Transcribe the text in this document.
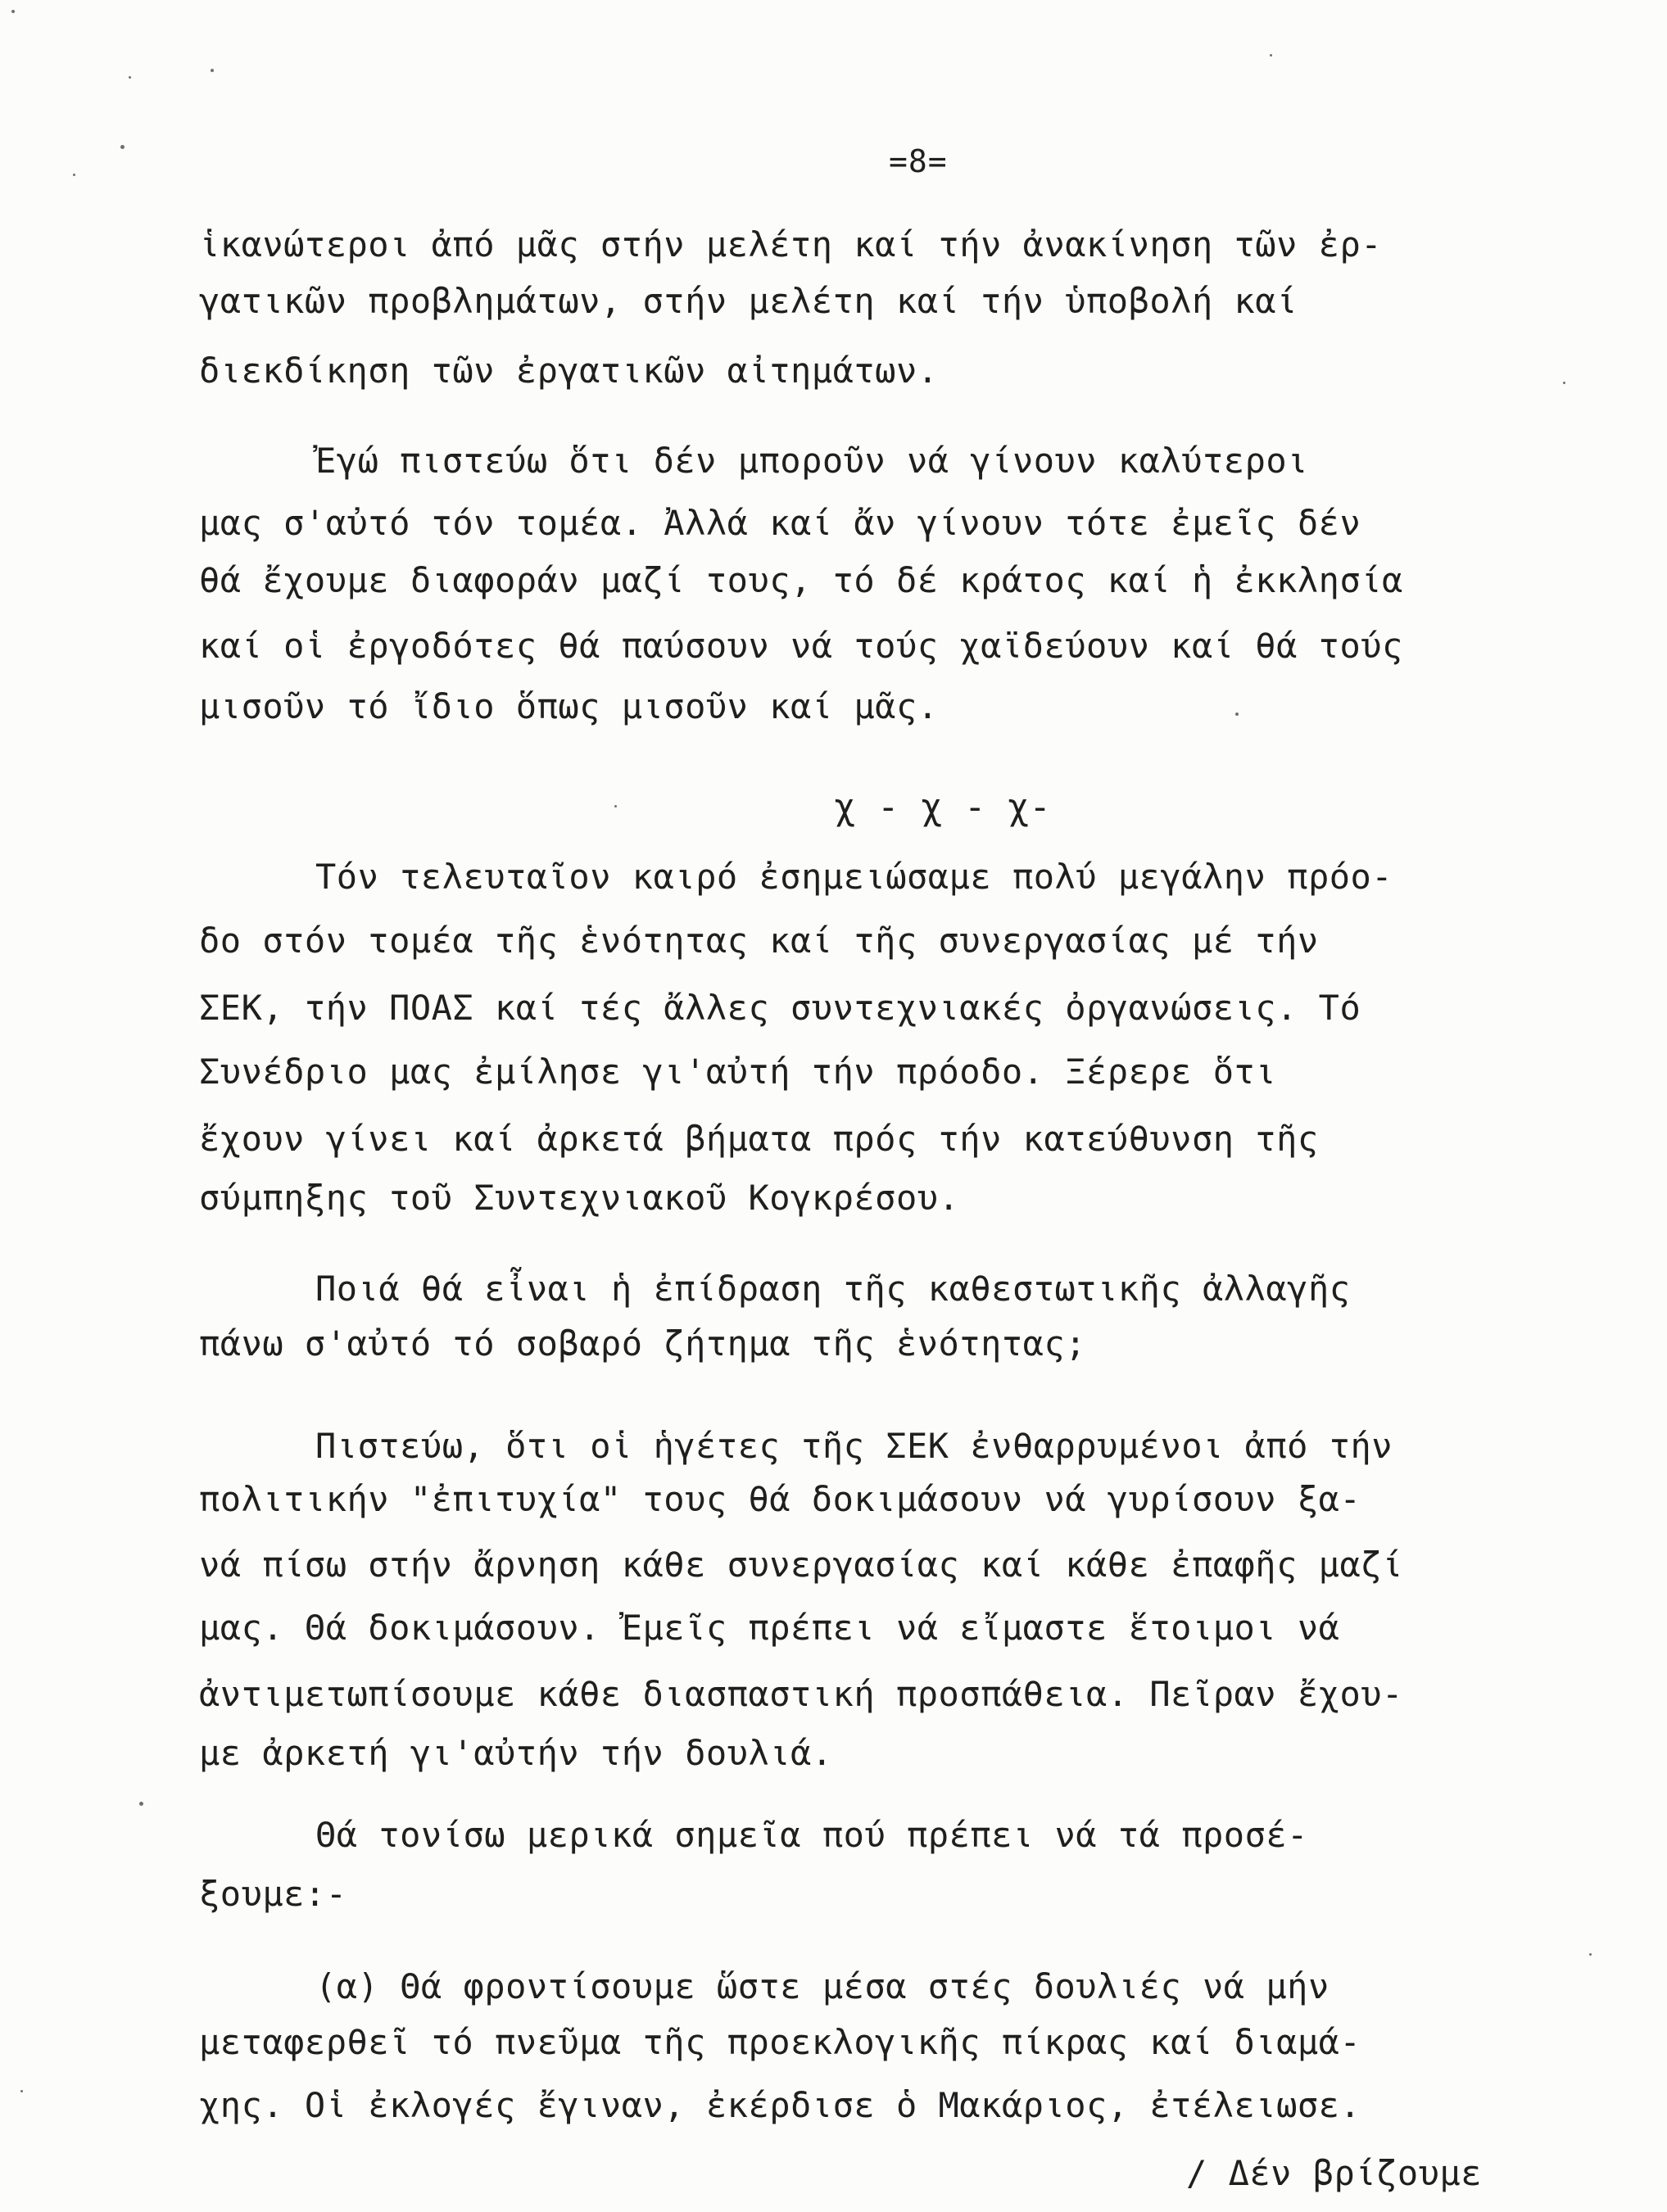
=8=
ἱκανώτεροι ἀπό μᾶς στήν μελέτη καί τήν ἀνακίνηση τῶν ἐρ-
γατικῶν προβλημάτων, στήν μελέτη καί τήν ὑποβολή καί
διεκδίκηση τῶν ἐργατικῶν αἰτημάτων.
Ἐγώ πιστεύω ὅτι δέν μποροῦν νά γίνουν καλύτεροι
μας σ'αὐτό τόν τομέα. Ἀλλά καί ἄν γίνουν τότε ἐμεῖς δέν
θά ἔχουμε διαφοράν μαζί τους, τό δέ κράτος καί ἡ ἐκκλησία
καί οἱ ἐργοδότες θά παύσουν νά τούς χαϊδεύουν καί θά τούς
μισοῦν τό ἴδιο ὅπως μισοῦν καί μᾶς.
χ - χ - χ-
Τόν τελευταῖον καιρό ἐσημειώσαμε πολύ μεγάλην πρόο-
δο στόν τομέα τῆς ἑνότητας καί τῆς συνεργασίας μέ τήν
ΣΕΚ, τήν ΠΟΑΣ καί τές ἄλλες συντεχνιακές ὀργανώσεις. Τό
Συνέδριο μας ἐμίλησε γι'αὐτή τήν πρόοδο. Ξέρερε ὅτι
ἔχουν γίνει καί ἀρκετά βήματα πρός τήν κατεύθυνση τῆς
σύμπηξης τοῦ Συντεχνιακοῦ Κογκρέσου.
Ποιά θά εἶναι ἡ ἐπίδραση τῆς καθεστωτικῆς ἀλλαγῆς
πάνω σ'αὐτό τό σοβαρό ζήτημα τῆς ἑνότητας;
Πιστεύω, ὅτι οἱ ἡγέτες τῆς ΣΕΚ ἐνθαρρυμένοι ἀπό τήν
πολιτικήν "ἐπιτυχία" τους θά δοκιμάσουν νά γυρίσουν ξα-
νά πίσω στήν ἄρνηση κάθε συνεργασίας καί κάθε ἐπαφῆς μαζί
μας. Θά δοκιμάσουν. Ἐμεῖς πρέπει νά εἴμαστε ἕτοιμοι νά
ἀντιμετωπίσουμε κάθε διασπαστική προσπάθεια. Πεῖραν ἔχου-
με ἀρκετή γι'αὐτήν τήν δουλιά.
Θά τονίσω μερικά σημεῖα πού πρέπει νά τά προσέ-
ξουμε:-
(α) Θά φροντίσουμε ὥστε μέσα στές δουλιές νά μήν
μεταφερθεῖ τό πνεῦμα τῆς προεκλογικῆς πίκρας καί διαμά-
χης. Οἱ ἐκλογές ἔγιναν, ἐκέρδισε ὁ Μακάριος, ἐτέλειωσε.
/ Δέν βρίζουμε
